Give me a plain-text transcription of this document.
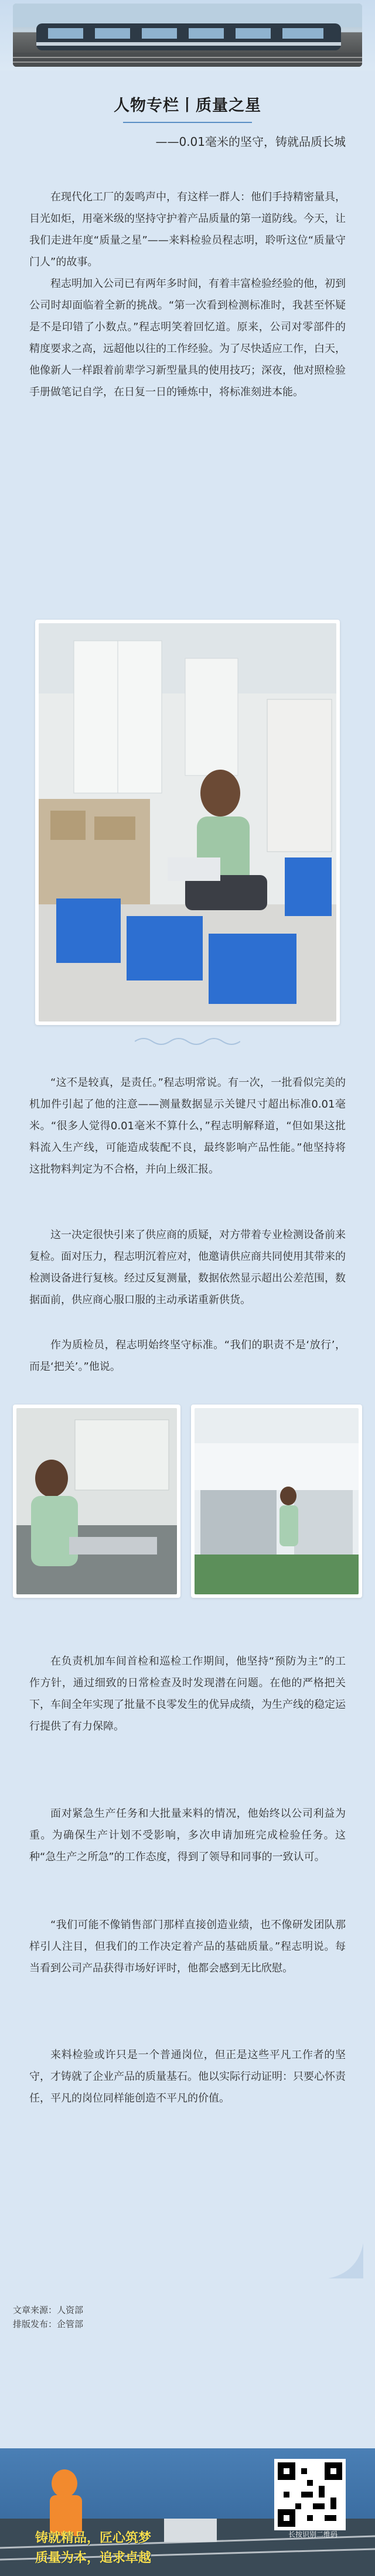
人物专栏丨质量之星
——0.01毫米的坚守，铸就品质长城

在现代化工厂的轰鸣声中，有这样一群人：他们手持精密量具，目光如炬，用毫米级的坚持守护着产品质量的第一道防线。今天，让我们走进年度“质量之星”——来料检验员程志明，聆听这位“质量守门人”的故事。

程志明加入公司已有两年多时间，有着丰富检验经验的他，初到公司时却面临着全新的挑战。“第一次看到检测标准时，我甚至怀疑是不是印错了小数点。”程志明笑着回忆道。原来，公司对零部件的精度要求之高，远超他以往的工作经验。为了尽快适应工作，白天，他像新人一样跟着前辈学习新型量具的使用技巧；深夜，他对照检验手册做笔记自学，在日复一日的锤炼中，将标准刻进本能。

“这不是较真，是责任。”程志明常说。有一次，一批看似完美的机加件引起了他的注意——测量数据显示关键尺寸超出标准0.01毫米。“很多人觉得0.01毫米不算什么，”程志明解释道，“但如果这批料流入生产线，可能造成装配不良，最终影响产品性能。”他坚持将这批物料判定为不合格，并向上级汇报。

这一决定很快引来了供应商的质疑，对方带着专业检测设备前来复检。面对压力，程志明沉着应对，他邀请供应商共同使用其带来的检测设备进行复核。经过反复测量，数据依然显示超出公差范围，数据面前，供应商心服口服的主动承诺重新供货。

作为质检员，程志明始终坚守标准。“我们的职责不是‘放行’，而是‘把关’。”他说。

在负责机加车间首检和巡检工作期间，他坚持“预防为主”的工作方针，通过细致的日常检查及时发现潜在问题。在他的严格把关下，车间全年实现了批量不良零发生的优异成绩，为生产线的稳定运行提供了有力保障。

面对紧急生产任务和大批量来料的情况，他始终以公司利益为重。为确保生产计划不受影响，多次申请加班完成检验任务。这种“急生产之所急”的工作态度，得到了领导和同事的一致认可。

“我们可能不像销售部门那样直接创造业绩，也不像研发团队那样引人注目，但我们的工作决定着产品的基础质量。”程志明说。每当看到公司产品获得市场好评时，他都会感到无比欣慰。

来料检验或许只是一个普通岗位，但正是这些平凡工作者的坚守，才铸就了企业产品的质量基石。他以实际行动证明：只要心怀责任，平凡的岗位同样能创造不平凡的价值。

文章来源：人资部
排版发布：企管部
铸就精品，匠心筑梦
质量为本，追求卓越
长按识别二维码
